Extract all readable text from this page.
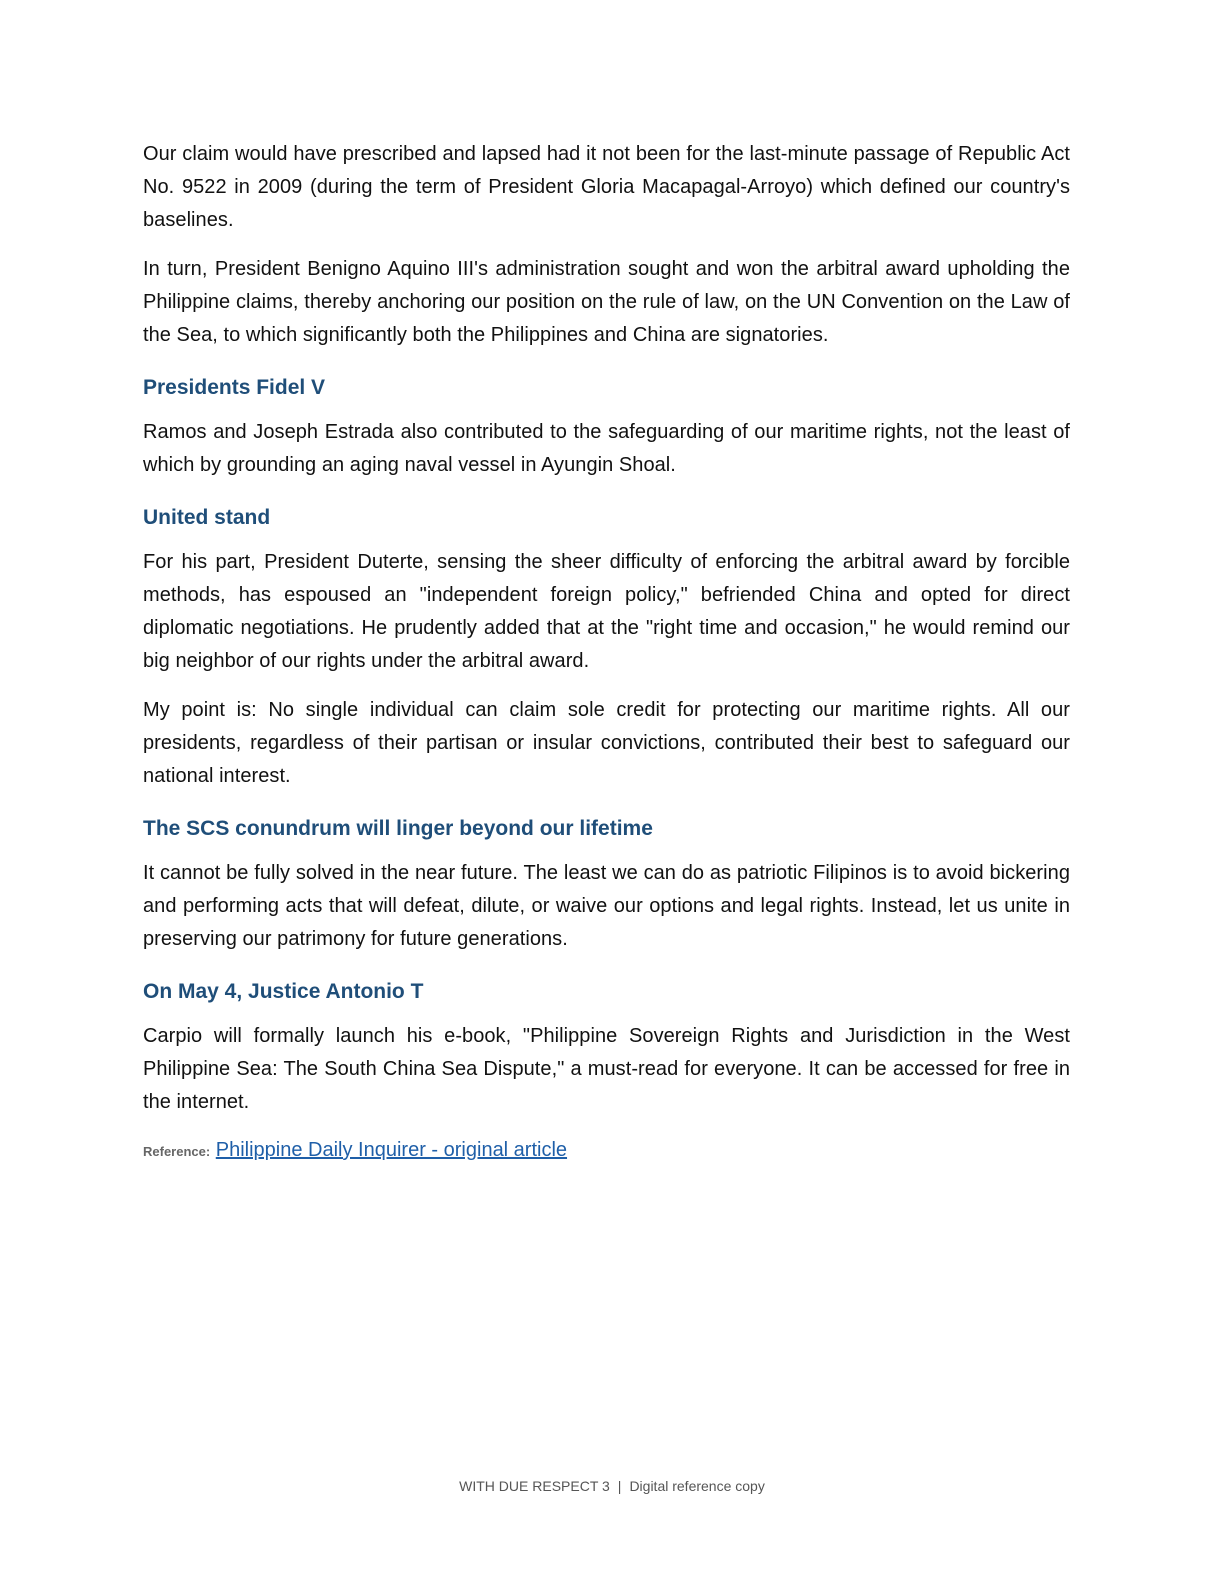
Our claim would have prescribed and lapsed had it not been for the last-minute passage of Republic Act No. 9522 in 2009 (during the term of President Gloria Macapagal-Arroyo) which defined our country's baselines.

In turn, President Benigno Aquino III's administration sought and won the arbitral award upholding the Philippine claims, thereby anchoring our position on the rule of law, on the UN Convention on the Law of the Sea, to which significantly both the Philippines and China are signatories.

Presidents Fidel V

Ramos and Joseph Estrada also contributed to the safeguarding of our maritime rights, not the least of which by grounding an aging naval vessel in Ayungin Shoal.

United stand

For his part, President Duterte, sensing the sheer difficulty of enforcing the arbitral award by forcible methods, has espoused an "independent foreign policy," befriended China and opted for direct diplomatic negotiations. He prudently added that at the "right time and occasion," he would remind our big neighbor of our rights under the arbitral award.

My point is: No single individual can claim sole credit for protecting our maritime rights. All our presidents, regardless of their partisan or insular convictions, contributed their best to safeguard our national interest.

The SCS conundrum will linger beyond our lifetime

It cannot be fully solved in the near future. The least we can do as patriotic Filipinos is to avoid bickering and performing acts that will defeat, dilute, or waive our options and legal rights. Instead, let us unite in preserving our patrimony for future generations.

On May 4, Justice Antonio T

Carpio will formally launch his e-book, "Philippine Sovereign Rights and Jurisdiction in the West Philippine Sea: The South China Sea Dispute," a must-read for everyone. It can be accessed for free in the internet.

Reference: Philippine Daily Inquirer - original article
WITH DUE RESPECT 3 | Digital reference copy
